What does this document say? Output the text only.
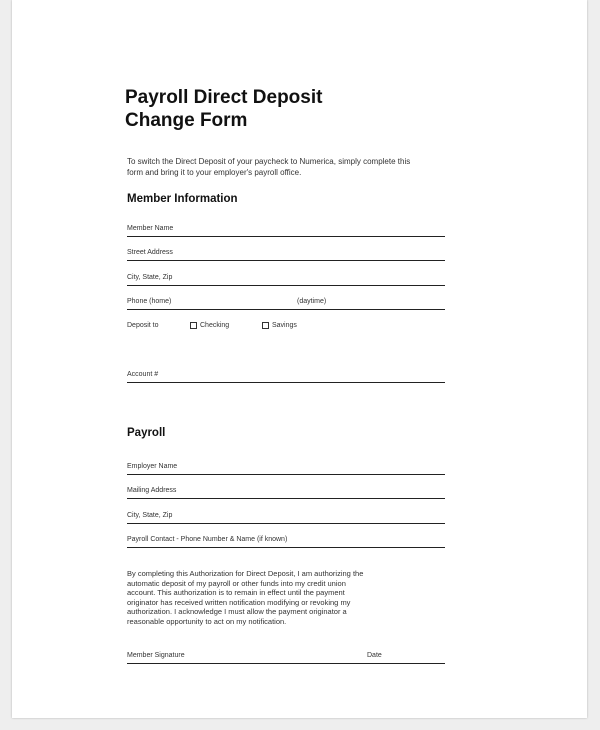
Payroll Direct Deposit
Change Form
To switch the Direct Deposit of your paycheck to Numerica, simply complete this
form and bring it to your employer's payroll office.
Member Information
Member Name
Street Address
City, State, Zip
Phone (home)	(daytime)
Deposit to	Checking	Savings
Account #
Payroll
Employer Name
Mailing Address
City, State, Zip
Payroll Contact - Phone Number & Name (if known)
By completing this Authorization for Direct Deposit, I am authorizing the
automatic deposit of my payroll or other funds into my credit union
account. This authorization is to remain in effect until the payment
originator has received written notification modifying or revoking my
authorization. I acknowledge I must allow the payment originator a
reasonable opportunity to act on my notification.
Member Signature	Date
